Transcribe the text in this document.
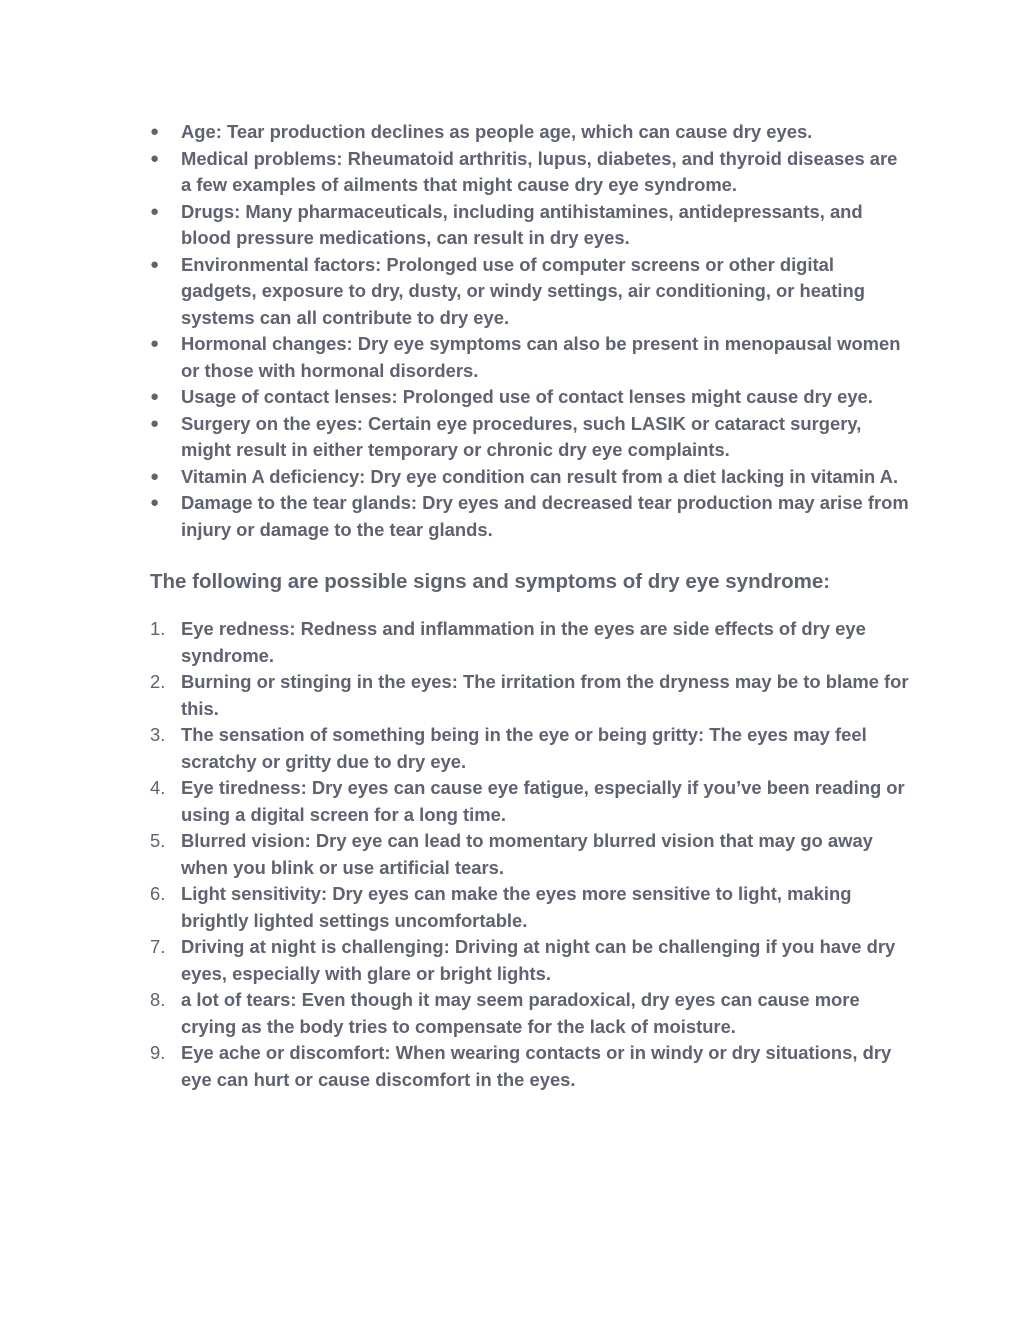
●	Age: Tear production declines as people age, which can cause dry eyes.
●	Medical problems: Rheumatoid arthritis, lupus, diabetes, and thyroid diseases are a few examples of ailments that might cause dry eye syndrome.
●	Drugs: Many pharmaceuticals, including antihistamines, antidepressants, and blood pressure medications, can result in dry eyes.
●	Environmental factors: Prolonged use of computer screens or other digital gadgets, exposure to dry, dusty, or windy settings, air conditioning, or heating systems can all contribute to dry eye.
●	Hormonal changes: Dry eye symptoms can also be present in menopausal women or those with hormonal disorders.
●	Usage of contact lenses: Prolonged use of contact lenses might cause dry eye.
●	Surgery on the eyes: Certain eye procedures, such LASIK or cataract surgery, might result in either temporary or chronic dry eye complaints.
●	Vitamin A deficiency: Dry eye condition can result from a diet lacking in vitamin A.
●	Damage to the tear glands: Dry eyes and decreased tear production may arise from injury or damage to the tear glands.
The following are possible signs and symptoms of dry eye syndrome:
1. Eye redness: Redness and inflammation in the eyes are side effects of dry eye syndrome.
2. Burning or stinging in the eyes: The irritation from the dryness may be to blame for this.
3. The sensation of something being in the eye or being gritty: The eyes may feel scratchy or gritty due to dry eye.
4. Eye tiredness: Dry eyes can cause eye fatigue, especially if you’ve been reading or using a digital screen for a long time.
5. Blurred vision: Dry eye can lead to momentary blurred vision that may go away when you blink or use artificial tears.
6. Light sensitivity: Dry eyes can make the eyes more sensitive to light, making brightly lighted settings uncomfortable.
7. Driving at night is challenging: Driving at night can be challenging if you have dry eyes, especially with glare or bright lights.
8. a lot of tears: Even though it may seem paradoxical, dry eyes can cause more crying as the body tries to compensate for the lack of moisture.
9. Eye ache or discomfort: When wearing contacts or in windy or dry situations, dry eye can hurt or cause discomfort in the eyes.
